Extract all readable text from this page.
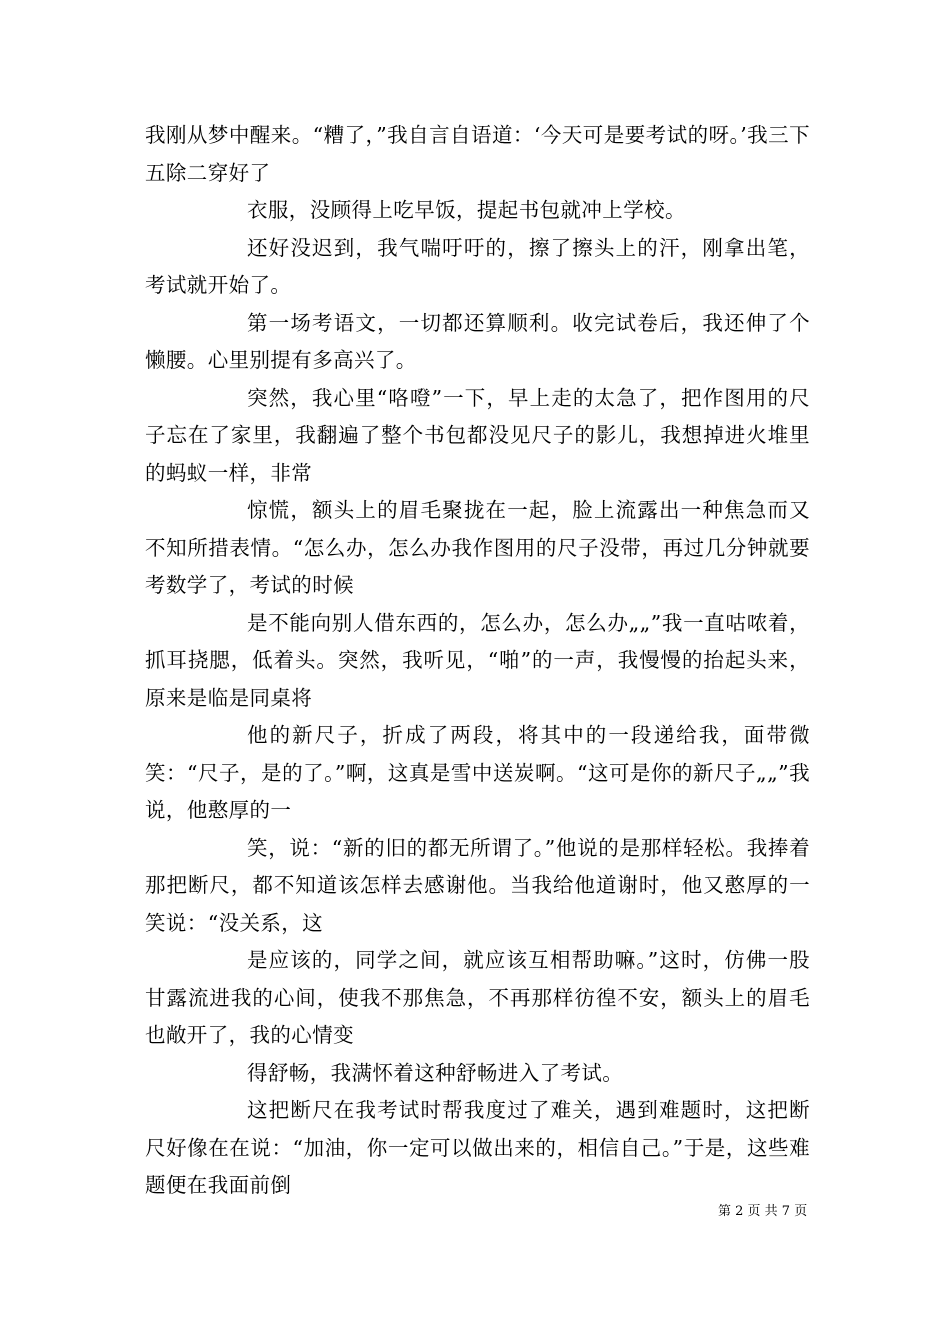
我刚从梦中醒来。“糟了，”我自言自语道：‘今天可是要考试的呀。’我三下五除二穿好了

衣服，没顾得上吃早饭，提起书包就冲上学校。

还好没迟到，我气喘吁吁的，擦了擦头上的汗，刚拿出笔，考试就开始了。

第一场考语文，一切都还算顺利。收完试卷后，我还伸了个懒腰。心里别提有多高兴了。

突然，我心里“咯噔”一下，早上走的太急了，把作图用的尺子忘在了家里，我翻遍了整个书包都没见尺子的影儿，我想掉进火堆里的蚂蚁一样，非常

惊慌，额头上的眉毛聚拢在一起，脸上流露出一种焦急而又不知所措表情。“怎么办，怎么办我作图用的尺子没带，再过几分钟就要考数学了，考试的时候

是不能向别人借东西的，怎么办，怎么办„„”我一直咕哝着，抓耳挠腮，低着头。突然，我听见，“啪”的一声，我慢慢的抬起头来，原来是临是同桌将

他的新尺子，折成了两段，将其中的一段递给我，面带微笑：“尺子，是的了。”啊，这真是雪中送炭啊。“这可是你的新尺子„„”我说，他憨厚的一

笑，说：“新的旧的都无所谓了。”他说的是那样轻松。我捧着那把断尺，都不知道该怎样去感谢他。当我给他道谢时，他又憨厚的一笑说：“没关系，这

是应该的，同学之间，就应该互相帮助嘛。”这时，仿佛一股甘露流进我的心间，使我不那焦急，不再那样彷徨不安，额头上的眉毛也敞开了，我的心情变

得舒畅，我满怀着这种舒畅进入了考试。

这把断尺在我考试时帮我度过了难关，遇到难题时，这把断尺好像在在说：“加油，你一定可以做出来的，相信自己。”于是，这些难题便在我面前倒

第 2 页 共 7 页
